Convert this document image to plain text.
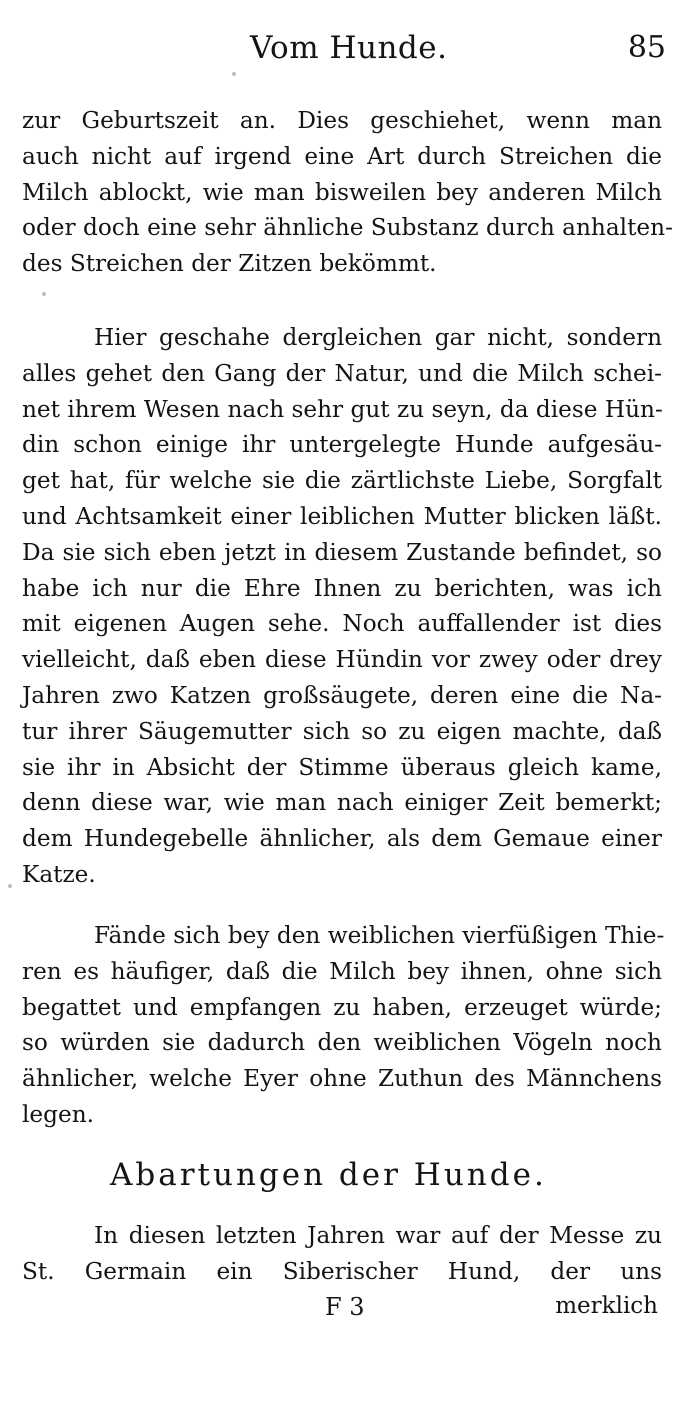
Vom Hunde.	85
zur Geburtszeit an. Dies geschiehet, wenn man
auch nicht auf irgend eine Art durch Streichen die
Milch ablockt, wie man bisweilen bey anderen Milch
oder doch eine sehr ähnliche Substanz durch anhalten-
des Streichen der Zitzen bekömmt.
Hier geschahe dergleichen gar nicht, sondern
alles gehet den Gang der Natur, und die Milch schei-
net ihrem Wesen nach sehr gut zu seyn, da diese Hün-
din schon einige ihr untergelegte Hunde aufgesäu-
get hat, für welche sie die zärtlichste Liebe, Sorgfalt
und Achtsamkeit einer leiblichen Mutter blicken läßt.
Da sie sich eben jetzt in diesem Zustande befindet, so
habe ich nur die Ehre Ihnen zu berichten, was ich
mit eigenen Augen sehe. Noch auffallender ist dies
vielleicht, daß eben diese Hündin vor zwey oder drey
Jahren zwo Katzen großsäugete, deren eine die Na-
tur ihrer Säugemutter sich so zu eigen machte, daß
sie ihr in Absicht der Stimme überaus gleich kame,
denn diese war, wie man nach einiger Zeit bemerkt;
dem Hundegebelle ähnlicher, als dem Gemaue einer
Katze.
Fände sich bey den weiblichen vierfüßigen Thie-
ren es häufiger, daß die Milch bey ihnen, ohne sich
begattet und empfangen zu haben, erzeuget würde;
so würden sie dadurch den weiblichen Vögeln noch
ähnlicher, welche Eyer ohne Zuthun des Männchens
legen.
Abartungen der Hunde.
In diesen letzten Jahren war auf der Messe zu
St. Germain ein Siberischer Hund, der uns
F 3	merklich
